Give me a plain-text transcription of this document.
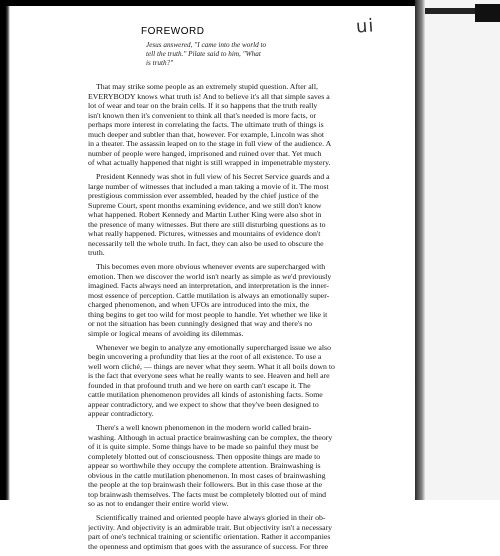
ui
FOREWORD
Jesus answered, "I came into the world to
tell the truth." Pilate said to him, "What
is truth?"
That may strike some people as an extremely stupid question. After all,
EVERYBODY knows what truth is! And to believe it's all that simple saves a
lot of wear and tear on the brain cells. If it so happens that the truth really
isn't known then it's convenient to think all that's needed is more facts, or
perhaps more interest in correlating the facts. The ultimate truth of things is
much deeper and subtler than that, however. For example, Lincoln was shot
in a theater. The assassin leaped on to the stage in full view of the audience. A
number of people were hanged, imprisoned and ruined over that. Yet much
of what actually happened that night is still wrapped in impenetrable mystery.
President Kennedy was shot in full view of his Secret Service guards and a
large number of witnesses that included a man taking a movie of it. The most
prestigious commission ever assembled, headed by the chief justice of the
Supreme Court, spent months examining evidence, and we still don't know
what happened. Robert Kennedy and Martin Luther King were also shot in
the presence of many witnesses. But there are still disturbing questions as to
what really happened. Pictures, witnesses and mountains of evidence don't
necessarily tell the whole truth. In fact, they can also be used to obscure the
truth.
This becomes even more obvious whenever events are supercharged with
emotion. Then we discover the world isn't nearly as simple as we'd previously
imagined. Facts always need an interpretation, and interpretation is the inner-
most essence of perception. Cattle mutilation is always an emotionally super-
charged phenomenon, and when UFOs are introduced into the mix, the
thing begins to get too wild for most people to handle. Yet whether we like it
or not the situation has been cunningly designed that way and there's no
simple or logical means of avoiding its dilemmas.
Whenever we begin to analyze any emotionally supercharged issue we also
begin uncovering a profundity that lies at the root of all existence. To use a
well worn cliché, — things are never what they seem. What it all boils down to
is the fact that everyone sees what he really wants to see. Heaven and hell are
founded in that profound truth and we here on earth can't escape it. The
cattle mutilation phenomenon provides all kinds of astonishing facts. Some
appear contradictory, and we expect to show that they've been designed to
appear contradictory.
There's a well known phenomenon in the modern world called brain-
washing. Although in actual practice brainwashing can be complex, the theory
of it is quite simple. Some things have to be made so painful they must be
completely blotted out of consciousness. Then opposite things are made to
appear so worthwhile they occupy the complete attention. Brainwashing is
obvious in the cattle mutilation phenomenon. In most cases of brainwashing
the people at the top brainwash their followers. But in this case those at the
top brainwash themselves. The facts must be completely blotted out of mind
so as not to endanger their entire world view.
Scientifically trained and oriented people have always gloried in their ob-
jectivity. And objectivity is an admirable trait. But objectivity isn't a necessary
part of one's technical training or scientific orientation. Rather it accompanies
the openness and optimism that goes with the assurance of success. For three
